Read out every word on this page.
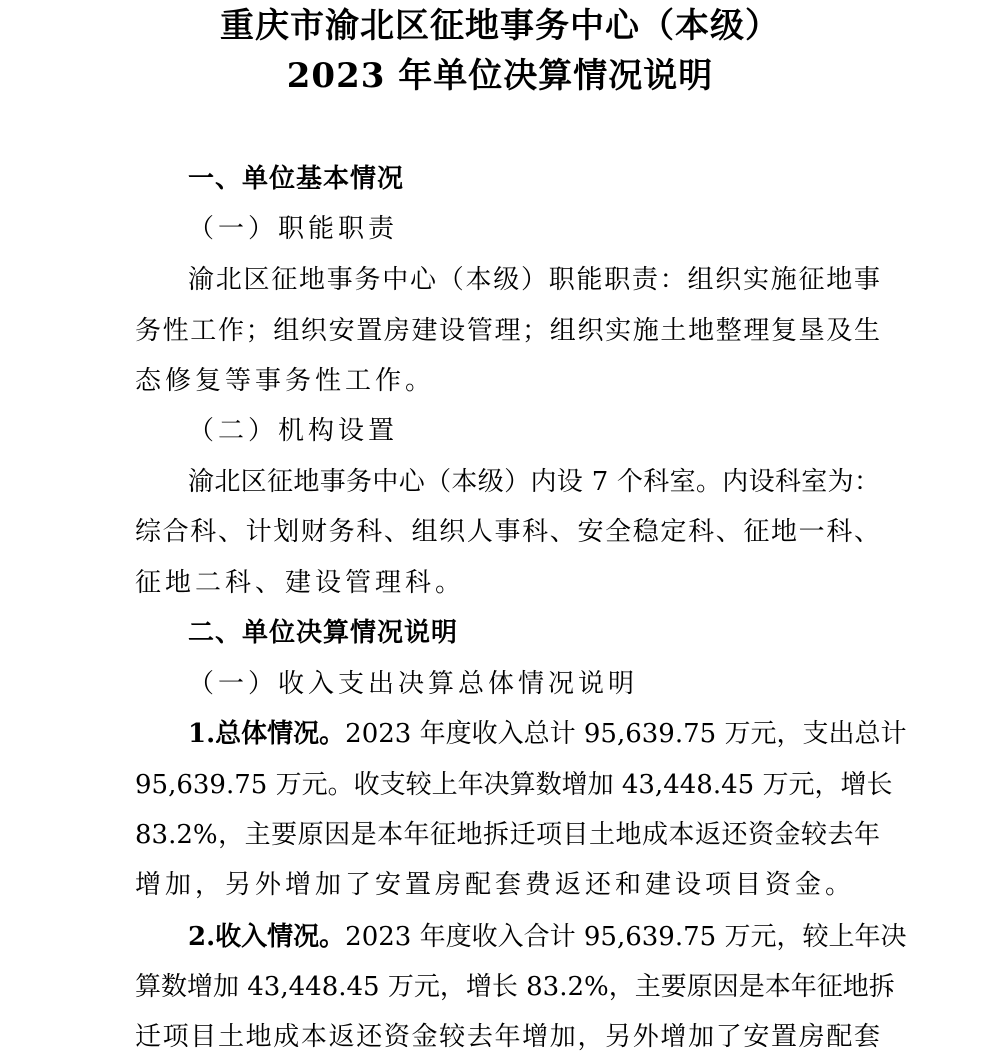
重庆市渝北区征地事务中心（本级）
2023 年单位决算情况说明
一、单位基本情况
（一）职能职责
渝北区征地事务中心（本级）职能职责：组织实施征地事
务性工作；组织安置房建设管理；组织实施土地整理复垦及生
态修复等事务性工作。
（二）机构设置
渝北区征地事务中心（本级）内设 7 个科室。内设科室为：
综合科、计划财务科、组织人事科、安全稳定科、征地一科、
征地二科、建设管理科。
二、单位决算情况说明
（一）收入支出决算总体情况说明
1.总体情况。2023 年度收入总计 95,639.75 万元，支出总计
95,639.75 万元。收支较上年决算数增加 43,448.45 万元，增长
83.2%，主要原因是本年征地拆迁项目土地成本返还资金较去年
增加，另外增加了安置房配套费返还和建设项目资金。
2.收入情况。2023 年度收入合计 95,639.75 万元，较上年决
算数增加 43,448.45 万元，增长 83.2%，主要原因是本年征地拆
迁项目土地成本返还资金较去年增加，另外增加了安置房配套
